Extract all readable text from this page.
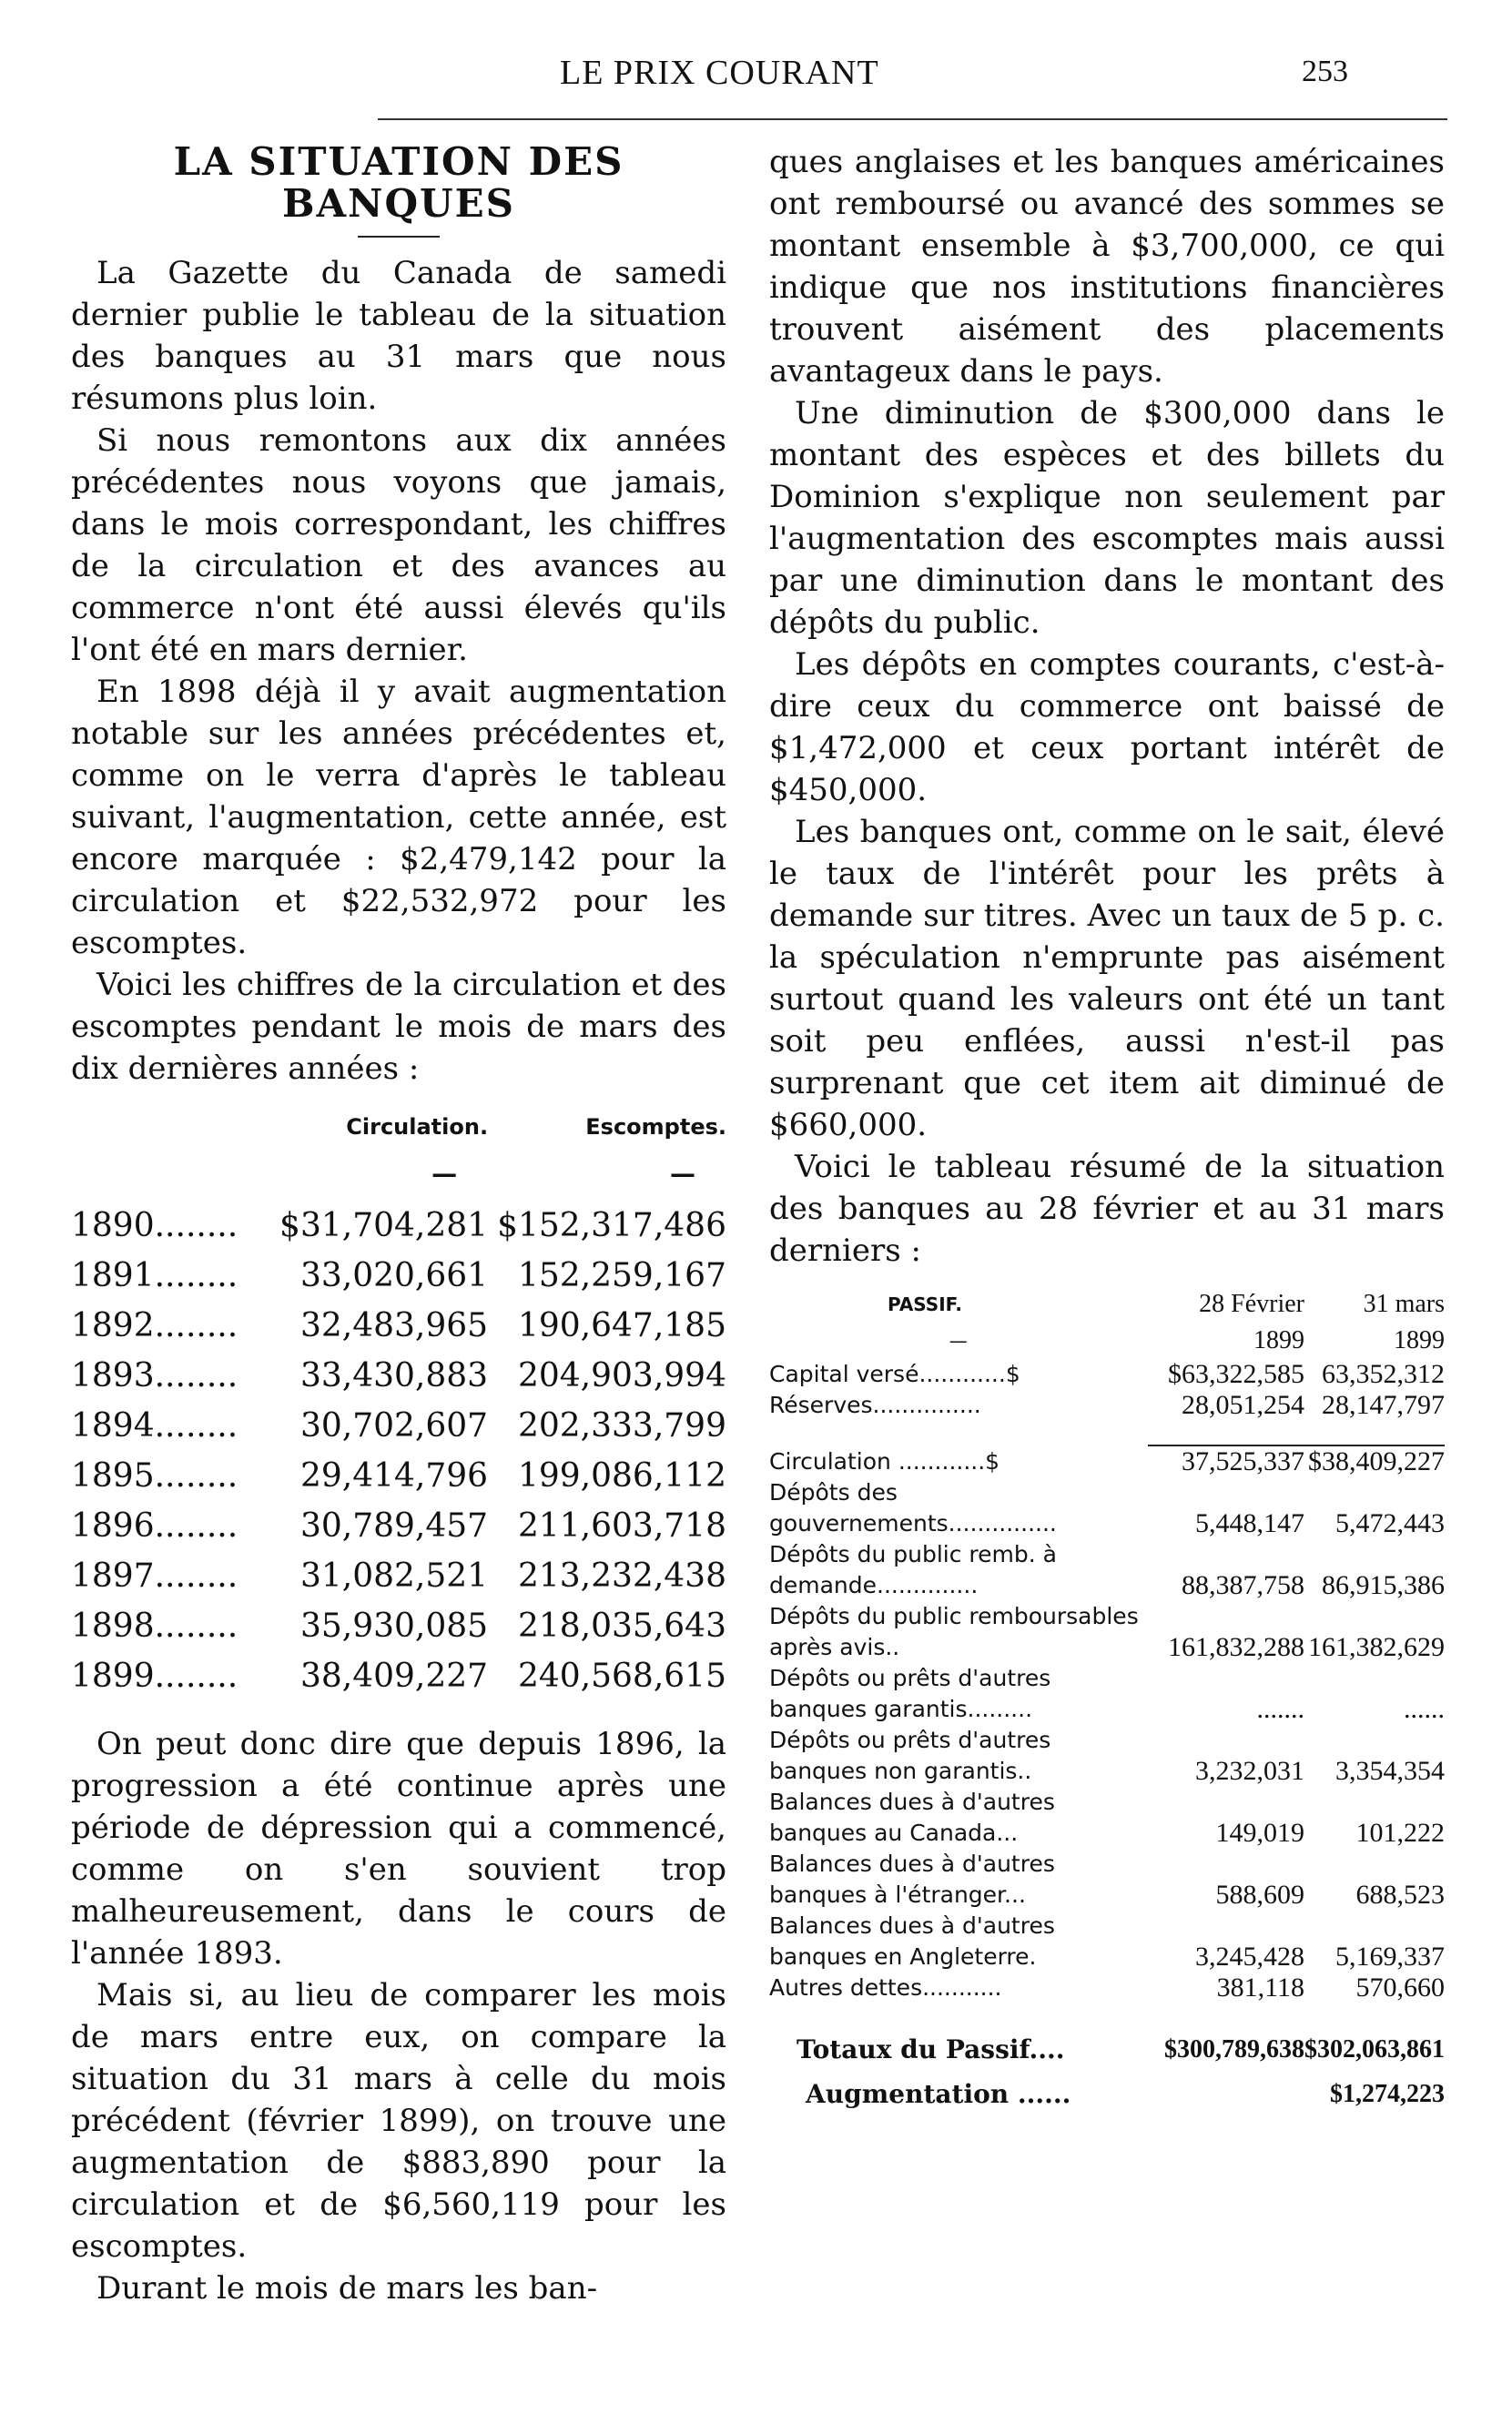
LE PRIX COURANT	253
LA SITUATION DES BANQUES

La Gazette du Canada de samedi dernier publie le tableau de la situation des banques au 31 mars que nous résumons plus loin.

Si nous remontons aux dix années précédentes nous voyons que jamais, dans le mois correspondant, les chiffres de la circulation et des avances au commerce n'ont été aussi élevés qu'ils l'ont été en mars dernier.

En 1898 déjà il y avait augmentation notable sur les années précédentes et, comme on le verra d'après le tableau suivant, l'augmentation, cette année, est encore marquée : $2,479,142 pour la circulation et $22,532,972 pour les escomptes.

Voici les chiffres de la circulation et des escomptes pendant le mois de mars des dix dernières années :

	Circulation.	Escomptes.
	—	—
1890........	$31,704,281	$152,317,486
1891........	33,020,661	152,259,167
1892........	32,483,965	190,647,185
1893........	33,430,883	204,903,994
1894........	30,702,607	202,333,799
1895........	29,414,796	199,086,112
1896........	30,789,457	211,603,718
1897........	31,082,521	213,232,438
1898........	35,930,085	218,035,643
1899........	38,409,227	240,568,615

On peut donc dire que depuis 1896, la progression a été continue après une période de dépression qui a commencé, comme on s'en souvient trop malheureusement, dans le cours de l'année 1893.

Mais si, au lieu de comparer les mois de mars entre eux, on compare la situation du 31 mars à celle du mois précédent (février 1899), on trouve une augmentation de $883,890 pour la circulation et de $6,560,119 pour les escomptes.

Durant le mois de mars les ban-

ques anglaises et les banques américaines ont remboursé ou avancé des sommes se montant ensemble à $3,700,000, ce qui indique que nos institutions financières trouvent aisément des placements avantageux dans le pays.

Une diminution de $300,000 dans le montant des espèces et des billets du Dominion s'explique non seulement par l'augmentation des escomptes mais aussi par une diminution dans le montant des dépôts du public.

Les dépôts en comptes courants, c'est-à-dire ceux du commerce ont baissé de $1,472,000 et ceux portant intérêt de $450,000.

Les banques ont, comme on le sait, élevé le taux de l'intérêt pour les prêts à demande sur titres. Avec un taux de 5 p. c. la spéculation n'emprunte pas aisément surtout quand les valeurs ont été un tant soit peu enflées, aussi n'est-il pas surprenant que cet item ait diminué de $660,000.

Voici le tableau résumé de la situation des banques au 28 février et au 31 mars derniers :

PASSIF.	28 Février	31 mars
—	1899	1899
Capital versé............$	$63,322,585	63,352,312
Réserves...............	28,051,254	28,147,797

Circulation ............$	37,525,337	$38,409,227
Dépôts des gouvernements...............	5,448,147	5,472,443
Dépôts du public remb. à demande..............	88,387,758	86,915,386
Dépôts du public remboursables après avis..	161,832,288	161,382,629
Dépôts ou prêts d'autres banques garantis.........	.......	......
Dépôts ou prêts d'autres banques non garantis..	3,232,031	3,354,354
Balances dues à d'autres banques au Canada...	149,019	101,222
Balances dues à d'autres banques à l'étranger...	588,609	688,523
Balances dues à d'autres banques en Angleterre.	3,245,428	5,169,337
Autres dettes...........	381,118	570,660
Totaux du Passif....	$300,789,638	$302,063,861
Augmentation ......		$1,274,223
